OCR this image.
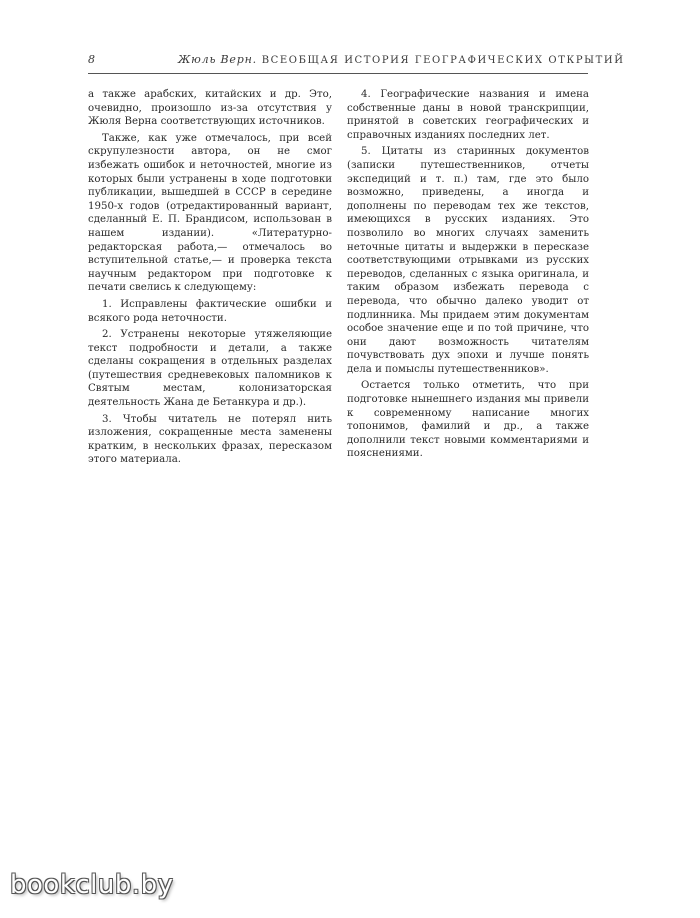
8	Жюль Верн. ВСЕОБЩАЯ ИСТОРИЯ ГЕОГРАФИЧЕСКИХ ОТКРЫТИЙ

а также арабских, китайских и др. Это, очевидно, произошло из-за отсутствия у Жюля Верна соответствующих источников.

Также, как уже отмечалось, при всей скрупулезности автора, он не смог избежать ошибок и неточностей, многие из которых были устранены в ходе подготовки публикации, вышедшей в СССР в середине 1950-х годов (отредактированный вариант, сделанный Е. П. Брандисом, использован в нашем издании). «Литературно-редакторская работа,— отмечалось во вступительной статье,— и проверка текста научным редактором при подготовке к печати свелись к следующему:

1. Исправлены фактические ошибки и всякого рода неточности.

2. Устранены некоторые утяжеляющие текст подробности и детали, а также сделаны сокращения в отдельных разделах (путешествия средневековых паломников к Святым местам, колонизаторская деятельность Жана де Бетанкура и др.).

3. Чтобы читатель не потерял нить изложения, сокращенные места заменены кратким, в нескольких фразах, пересказом этого материала.

4. Географические названия и имена собственные даны в новой транскрипции, принятой в советских географических и справочных изданиях последних лет.

5. Цитаты из старинных документов (записки путешественников, отчеты экспедиций и т. п.) там, где это было возможно, приведены, а иногда и дополнены по переводам тех же текстов, имеющихся в русских изданиях. Это позволило во многих случаях заменить неточные цитаты и выдержки в пересказе соответствующими отрывками из русских переводов, сделанных с языка оригинала, и таким образом избежать перевода с перевода, что обычно далеко уводит от подлинника. Мы придаем этим документам особое значение еще и по той причине, что они дают возможность читателям почувствовать дух эпохи и лучше понять дела и помыслы путешественников».

Остается только отметить, что при подготовке нынешнего издания мы привели к современному написание многих топонимов, фамилий и др., а также дополнили текст новыми комментариями и пояснениями.

bookclub.by
